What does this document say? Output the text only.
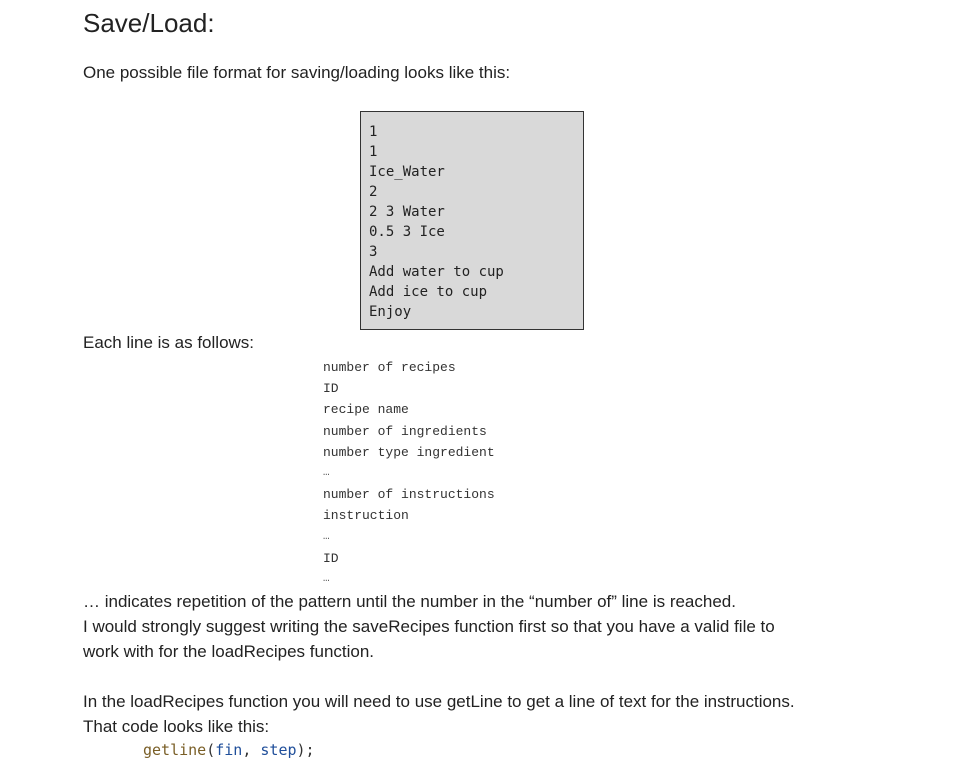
Save/Load:

One possible file format for saving/loading looks like this:

1
1
Ice_Water
2
2 3 Water
0.5 3 Ice
3
Add water to cup
Add ice to cup
Enjoy

Each line is as follows:

number of recipes
ID
recipe name
number of ingredients
number type ingredient
…
number of instructions
instruction
…
ID
…

… indicates repetition of the pattern until the number in the “number of” line is reached.

I would strongly suggest writing the saveRecipes function first so that you have a valid file to

work with for the loadRecipes function.

In the loadRecipes function you will need to use getLine to get a line of text for the instructions.

That code looks like this:

getline(fin, step);
